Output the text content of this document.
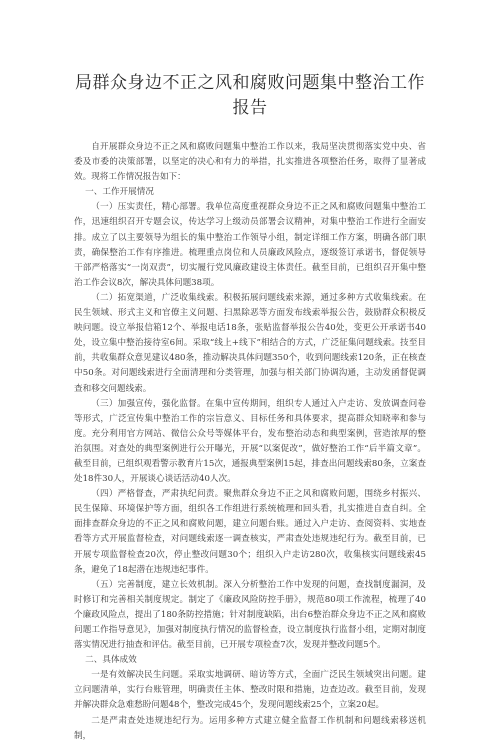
局群众身边不正之风和腐败问题集中整治工作报告

自开展群众身边不正之风和腐败问题集中整治工作以来，我局坚决贯彻落实党中央、省委及市委的决策部署，以坚定的决心和有力的举措，扎实推进各项整治任务，取得了显著成效。现将工作情况报告如下：

一、工作开展情况

（一）压实责任，精心部署。我单位高度重视群众身边不正之风和腐败问题集中整治工作，迅速组织召开专题会议，传达学习上级动员部署会议精神，对集中整治工作进行全面安排。成立了以主要领导为组长的集中整治工作领导小组，制定详细工作方案，明确各部门职责，确保整治工作有序推进。梳理重点岗位和人员廉政风险点，逐级签订承诺书，督促领导干部严格落实“一岗双责”，切实履行党风廉政建设主体责任。截至目前，已组织召开集中整治工作会议8次，解决具体问题38项。

（二）拓宽渠道，广泛收集线索。积极拓展问题线索来源，通过多种方式收集线索。在民生领域、形式主义和官僚主义问题、扫黑除恶等方面发布线索举报公告，鼓励群众积极反映问题。设立举报信箱12个、举报电话18条，张贴监督举报公告40处，变更公开承诺书40处，设立集中整治接待室6间。采取“线上+线下”相结合的方式，广泛征集问题线索。技至目前，共收集群众意见建议480条，推动解决具体问题350个，收到问题线索120条，正在核查中50条。对问题线索进行全面清理和分类管理，加强与相关部门协调沟通，主动发函督促调查和移交问题线索。

（三）加强宣传，强化监督。在集中宣传期间，组织专人通过入户走访、发放调查问卷等形式，广泛宣传集中整治工作的宗旨意义、目标任务和具体要求，提高群众知晓率和参与度。充分利用官方网站、微信公众号等媒体平台，发布整治动态和典型案例，营造浓厚的整治氛围。对查处的典型案例进行公开曝光，开展“以案促改”，做好整治工作“后半篇文章”。截至目前，已组织观看警示教育片15次，通报典型案例15起，排查出问题线索80条，立案查处18件30人，开展谈心谈话活动40人次。

（四）严格督查，严肃执纪问责。聚焦群众身边不正之风和腐败问题，围绕乡村振兴、民生保障、环境保护等方面，组织各工作组进行系统梳理和回头看，扎实推进自查自纠。全面排查群众身边的不正之风和腐败问题，建立问题台账。通过入户走访、查阅资料、实地查看等方式开展监督检查，对问题线索逐一调查核实，严肃查处违规违纪行为。截至目前，已开展专项监督检查20次，停止整改问题30个；组织入户走访280次，收集核实问题线索45条，避免了18起潜在违规违纪事件。

（五）完善制度，建立长效机制。深入分析整治工作中发现的问题，查找制度漏洞，及时修订和完善相关制度规定。制定了《廉政风险防控手册》，规范80项工作流程，梳理了40个廉政风险点，提出了180条防控措施；针对制度缺陷，出台6整治群众身边不正之风和腐败问题工作指导意见》，加强对制度执行情况的监督检查，设立制度执行监督小组，定期对制度落实情况进行抽查和评估。截至目前，已开展专项检查7次，发现并整改问题5个。

二、具体成效

一是有效解决民生问题。采取实地调研、暗访等方式，全面广泛民生领域突出问题。建立问题清单，实行台账管理，明确责任主体、整改时限和措施，边查边改。截至目前，发现并解决群众急难愁盼问题48个，整改完成45个，发现问题线索25个，立案20起。

二是严肃查处违规违纪行为。运用多种方式建立健全监督工作机制和问题线索移送机制，
